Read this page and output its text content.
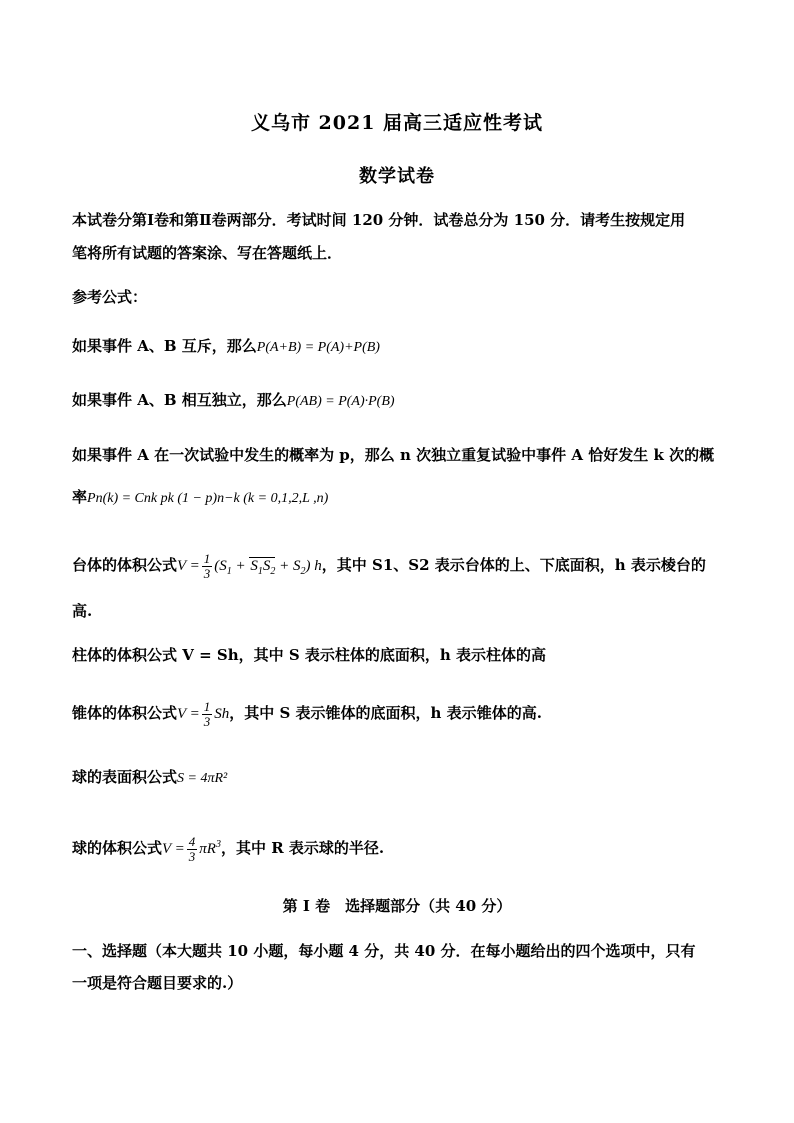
义乌市 2021 届高三适应性考试
数学试卷
本试卷分第Ⅰ卷和第Ⅱ卷两部分．考试时间 120 分钟．试卷总分为 150 分．请考生按规定用
笔将所有试题的答案涂、写在答题纸上．
参考公式：
如果事件 A、B 互斥，那么P(A+B) = P(A)+P(B)
如果事件 A、B 相互独立，那么P(AB) = P(A)·P(B)
如果事件 A 在一次试验中发生的概率为 p，那么 n 次独立重复试验中事件 A 恰好发生 k 次的概
率Pn(k) = Cnk pk (1 − p)n−k (k = 0,1,2,L ,n)
台体的体积公式$V = \frac{1}{3} (S_1 + S_1S_2 + S_2)$ h，其中 S1、S2 表示台体的上、下底面积，h 表示棱台的
高.
柱体的体积公式 V = Sh，其中 S 表示柱体的底面积，h 表示柱体的高
锥体的体积公式$V = \frac{1}{3}$ Sh，其中 S 表示锥体的底面积，h 表示锥体的高.
球的表面积公式S = 4πR²
球的体积公式$V = \frac{4}{3} \pi R^3$，其中 R 表示球的半径.
第 I 卷　选择题部分（共 40 分）
一、选择题（本大题共 10 小题，每小题 4 分，共 40 分．在每小题给出的四个选项中，只有
一项是符合题目要求的.）
